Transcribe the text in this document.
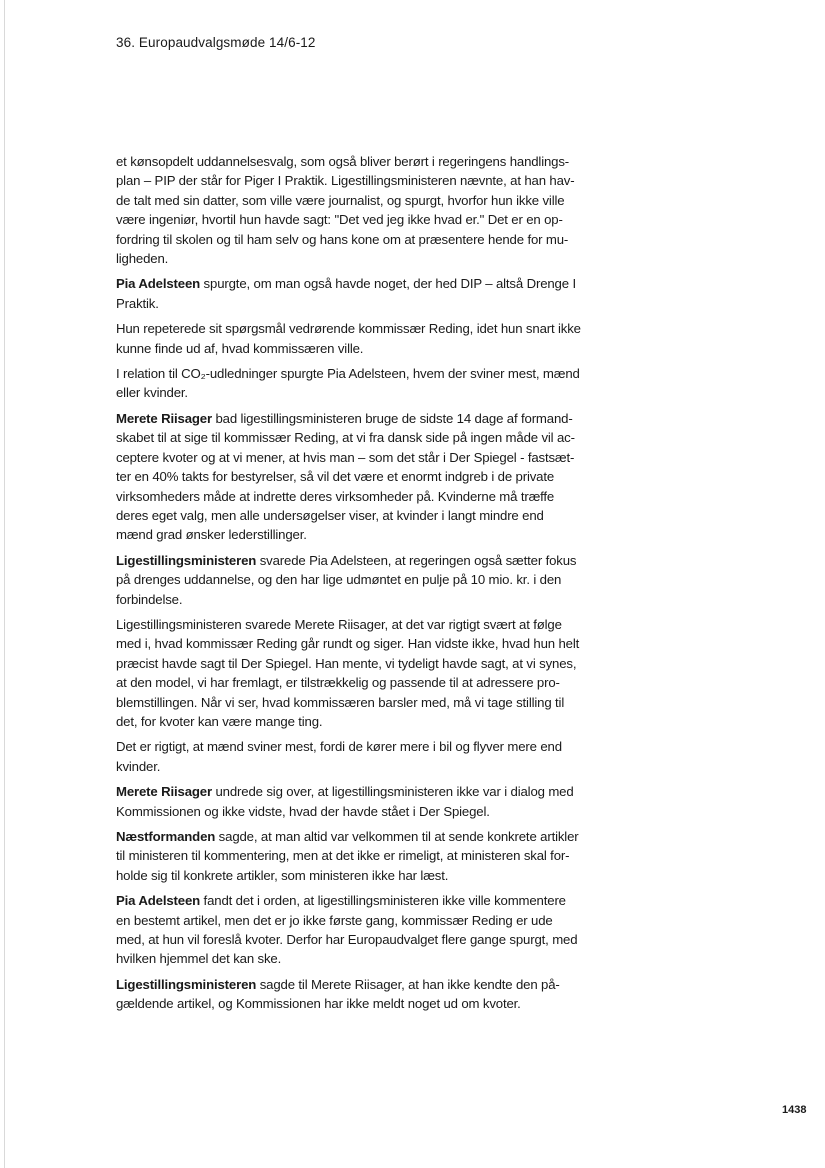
36. Europaudvalgsmøde 14/6-12

et kønsopdelt uddannelsesvalg, som også bliver berørt i regeringens handlings-
plan – PIP der står for Piger I Praktik. Ligestillingsministeren nævnte, at han hav-
de talt med sin datter, som ville være journalist, og spurgt, hvorfor hun ikke ville
være ingeniør, hvortil hun havde sagt: "Det ved jeg ikke hvad er." Det er en op-
fordring til skolen og til ham selv og hans kone om at præsentere hende for mu-
ligheden.

Pia Adelsteen spurgte, om man også havde noget, der hed DIP – altså Drenge I
Praktik.

Hun repeterede sit spørgsmål vedrørende kommissær Reding, idet hun snart ikke
kunne finde ud af, hvad kommissæren ville.

I relation til CO₂-udledninger spurgte Pia Adelsteen, hvem der sviner mest, mænd
eller kvinder.

Merete Riisager bad ligestillingsministeren bruge de sidste 14 dage af formand-
skabet til at sige til kommissær Reding, at vi fra dansk side på ingen måde vil ac-
ceptere kvoter og at vi mener, at hvis man – som det står i Der Spiegel - fastsæt-
ter en 40% takts for bestyrelser, så vil det være et enormt indgreb i de private
virksomheders måde at indrette deres virksomheder på. Kvinderne må træffe
deres eget valg, men alle undersøgelser viser, at kvinder i langt mindre end
mænd grad ønsker lederstillinger.

Ligestillingsministeren svarede Pia Adelsteen, at regeringen også sætter fokus
på drenges uddannelse, og den har lige udmøntet en pulje på 10 mio. kr. i den
forbindelse.

Ligestillingsministeren svarede Merete Riisager, at det var rigtigt svært at følge
med i, hvad kommissær Reding går rundt og siger. Han vidste ikke, hvad hun helt
præcist havde sagt til Der Spiegel. Han mente, vi tydeligt havde sagt, at vi synes,
at den model, vi har fremlagt, er tilstrækkelig og passende til at adressere pro-
blemstillingen. Når vi ser, hvad kommissæren barsler med, må vi tage stilling til
det, for kvoter kan være mange ting.

Det er rigtigt, at mænd sviner mest, fordi de kører mere i bil og flyver mere end
kvinder.

Merete Riisager undrede sig over, at ligestillingsministeren ikke var i dialog med
Kommissionen og ikke vidste, hvad der havde stået i Der Spiegel.

Næstformanden sagde, at man altid var velkommen til at sende konkrete artikler
til ministeren til kommentering, men at det ikke er rimeligt, at ministeren skal for-
holde sig til konkrete artikler, som ministeren ikke har læst.

Pia Adelsteen fandt det i orden, at ligestillingsministeren ikke ville kommentere
en bestemt artikel, men det er jo ikke første gang, kommissær Reding er ude
med, at hun vil foreslå kvoter. Derfor har Europaudvalget flere gange spurgt, med
hvilken hjemmel det kan ske.

Ligestillingsministeren sagde til Merete Riisager, at han ikke kendte den på-
gældende artikel, og Kommissionen har ikke meldt noget ud om kvoter.

1438
